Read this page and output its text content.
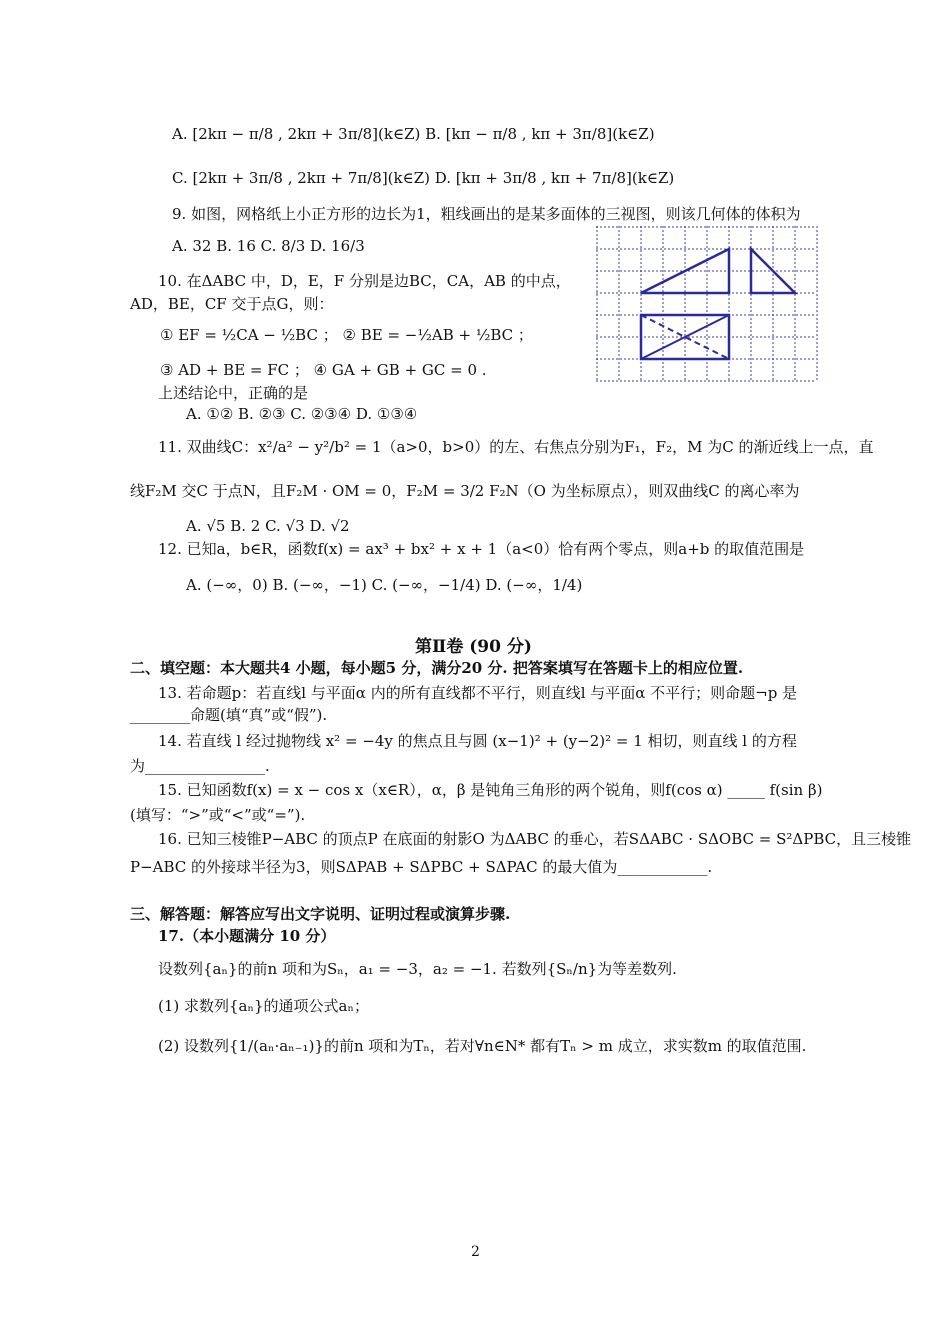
A. [2kπ − π/8 , 2kπ + 3π/8](k∈Z) B. [kπ − π/8 , kπ + 3π/8](k∈Z)
C. [2kπ + 3π/8 , 2kπ + 7π/8](k∈Z) D. [kπ + 3π/8 , kπ + 7π/8](k∈Z)
9. 如图，网格纸上小正方形的边长为1，粗线画出的是某多面体的三视图，则该几何体的体积为
A. 32 B. 16 C. 8/3 D. 16/3
10. 在ΔABC 中，D，E，F 分别是边BC，CA，AB 的中点，
AD，BE，CF 交于点G，则：
① EF = ½CA − ½BC ； ② BE = −½AB + ½BC ；
③ AD + BE = FC ； ④ GA + GB + GC = 0 .
上述结论中，正确的是
A. ①② B. ②③ C. ②③④ D. ①③④
11. 双曲线C：x²/a² − y²/b² = 1（a>0，b>0）的左、右焦点分别为F₁，F₂，M 为C 的渐近线上一点，直
线F₂M 交C 于点N，且F₂M · OM = 0，F₂M = 3/2 F₂N（O 为坐标原点），则双曲线C 的离心率为
A. √5 B. 2 C. √3 D. √2
12. 已知a，b∈R，函数f(x) = ax³ + bx² + x + 1（a<0）恰有两个零点，则a+b 的取值范围是
A. (−∞，0) B. (−∞，−1) C. (−∞，−1/4) D. (−∞，1/4)
第Ⅱ卷 (90 分)
二、填空题：本大题共4 小题，每小题5 分，满分20 分. 把答案填写在答题卡上的相应位置.
13. 若命题p：若直线l 与平面α 内的所有直线都不平行，则直线l 与平面α 不平行；则命题¬p 是
________命题(填“真”或“假”).
14. 若直线 l 经过抛物线 x² = −4y 的焦点且与圆 (x−1)² + (y−2)² = 1 相切，则直线 l 的方程
为________________.
15. 已知函数f(x) = x − cos x（x∈R），α，β 是钝角三角形的两个锐角，则f(cos α) _____ f(sin β)
(填写：“>”或“<”或“=”).
16. 已知三棱锥P−ABC 的顶点P 在底面的射影O 为ΔABC 的垂心，若SΔABC · SΔOBC = S²ΔPBC，且三棱锥
P−ABC 的外接球半径为3，则SΔPAB + SΔPBC + SΔPAC 的最大值为____________.
三、解答题：解答应写出文字说明、证明过程或演算步骤.
17.（本小题满分 10 分）
设数列{aₙ}的前n 项和为Sₙ，a₁ = −3，a₂ = −1. 若数列{Sₙ/n}为等差数列.
(1) 求数列{aₙ}的通项公式aₙ；
(2) 设数列{1/(aₙ·aₙ₋₁)}的前n 项和为Tₙ，若对∀n∈N* 都有Tₙ > m 成立，求实数m 的取值范围.
2
